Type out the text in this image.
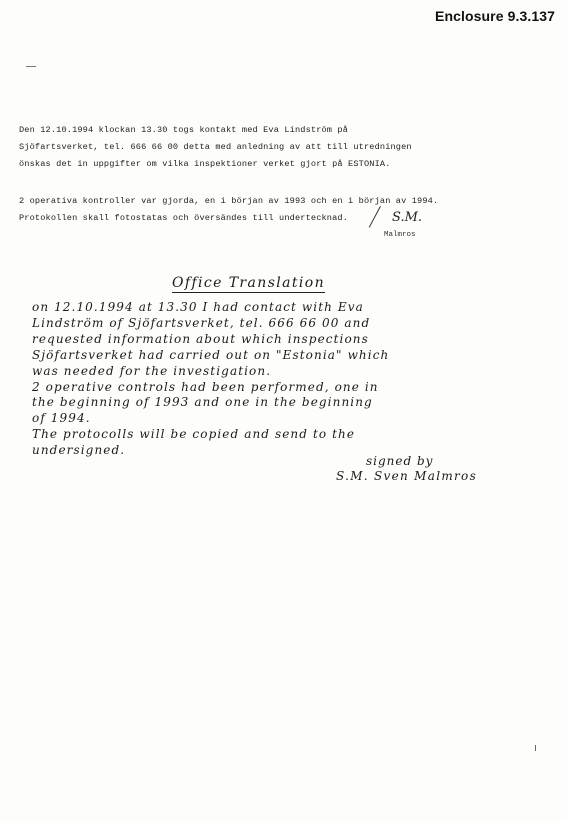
Enclosure 9.3.137
Den 12.10.1994 klockan 13.30 togs kontakt med Eva Lindström på
Sjöfartsverket, tel. 666 66 00 detta med anledning av att till utredningen
önskas det in uppgifter om vilka inspektioner verket gjort på ESTONIA.
2 operativa kontroller var gjorda, en i början av 1993 och en i början av 1994.
Protokollen skall fotostatas och översändes till undertecknad.	S.M.
Malmros
Office Translation
on 12.10.1994 at 13.30 I had contact with Eva
Lindström of Sjöfartsverket, tel. 666 66 00 and
requested information about which inspections
Sjöfartsverket had carried out on "Estonia" which
was needed for the investigation.
2 operative controls had been performed, one in
the beginning of 1993 and one in the beginning
of 1994.
The protocolls will be copied and send to the
undersigned.
signed by
S.M. Sven Malmros
